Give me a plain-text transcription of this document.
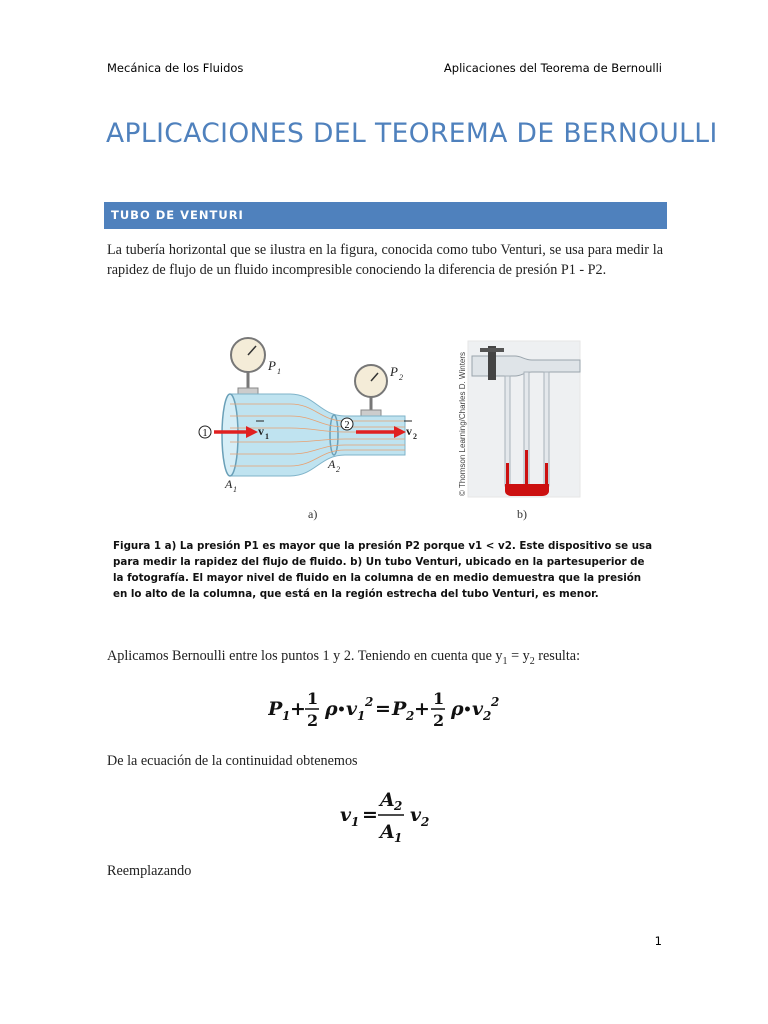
Mecánica de los Fluidos	Aplicaciones del Teorema de Bernoulli
APLICACIONES DEL TEOREMA DE BERNOULLI
TUBO DE VENTURI
La tubería horizontal que se ilustra en la figura, conocida como tubo Venturi, se usa para medir la rapidez de flujo de un fluido incompresible conociendo la diferencia de presión P1 - P2.
1
2
P 1	P 2
A 1
A 2
v 1	v 2
a)
© Thomson Learning/Charles D. Winters
b)
Figura 1 a) La presión P1 es mayor que la presión P2 porque v1 < v2. Este dispositivo se usa para medir la rapidez del flujo de fluido. b) Un tubo Venturi, ubicado en la partesuperior de la fotografía. El mayor nivel de fluido en la columna de en medio demuestra que la presión en lo alto de la columna, que está en la región estrecha del tubo Venturi, es menor.
Aplicamos Bernoulli entre los puntos 1 y 2. Teniendo en cuenta que $y_1 = y_2$ resulta:
P 1 + 1
2
ρ • v 1
2 = P 2 + 1
2
ρ • v 2
2
De la ecuación de la continuidad obtenemos
v 1 =
A 2
A 1
v 2
Reemplazando
1
